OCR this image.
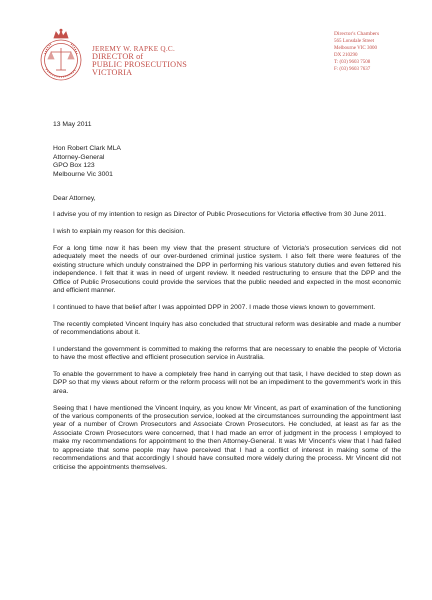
JEREMY W. RAPKE Q.C.
DIRECTOR of
PUBLIC PROSECUTIONS
VICTORIA
Director's Chambers
565 Lonsdale Street
Melbourne VIC 3000
DX 210290
T: (03) 9603 7508
F: (03) 9603 7637

13 May 2011

Hon Robert Clark MLA
Attorney-General
GPO Box 123
Melbourne Vic 3001

Dear Attorney,

I advise you of my intention to resign as Director of Public Prosecutions for Victoria effective from 30 June 2011.

I wish to explain my reason for this decision.

For a long time now it has been my view that the present structure of Victoria's prosecution services did not adequately meet the needs of our over-burdened criminal justice system. I also felt there were features of the existing structure which unduly constrained the DPP in performing his various statutory duties and even fettered his independence. I felt that it was in need of urgent review. It needed restructuring to ensure that the DPP and the Office of Public Prosecutions could provide the services that the public needed and expected in the most economic and efficient manner.

I continued to have that belief after I was appointed DPP in 2007. I made those views known to government.

The recently completed Vincent Inquiry has also concluded that structural reform was desirable and made a number of recommendations about it.

I understand the government is committed to making the reforms that are necessary to enable the people of Victoria to have the most effective and efficient prosecution service in Australia.

To enable the government to have a completely free hand in carrying out that task, I have decided to step down as DPP so that my views about reform or the reform process will not be an impediment to the government's work in this area.

Seeing that I have mentioned the Vincent Inquiry, as you know Mr Vincent, as part of examination of the functioning of the various components of the prosecution service, looked at the circumstances surrounding the appointment last year of a number of Crown Prosecutors and Associate Crown Prosecutors. He concluded, at least as far as the Associate Crown Prosecutors were concerned, that I had made an error of judgment in the process I employed to make my recommendations for appointment to the then Attorney-General. It was Mr Vincent's view that I had failed to appreciate that some people may have perceived that I had a conflict of interest in making some of the recommendations and that accordingly I should have consulted more widely during the process. Mr Vincent did not criticise the appointments themselves.
